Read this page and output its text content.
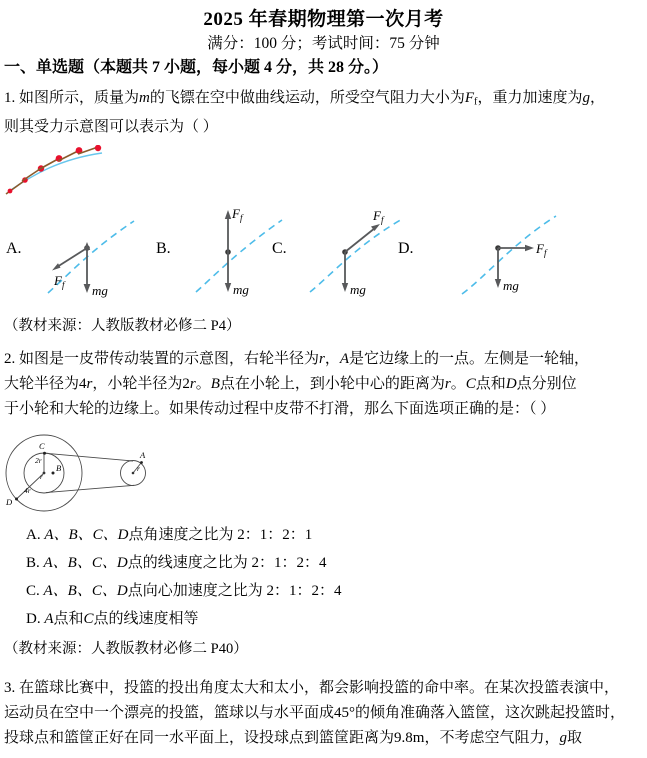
2025 年春期物理第一次月考
满分：100 分；考试时间：75 分钟
一、单选题（本题共 7 小题，每小题 4 分，共 28 分。）
1. 如图所示，质量为m的飞镖在空中做曲线运动，所受空气阻力大小为$F_f$，重力加速度为g，
则其受力示意图可以表示为（ ）
A.
mg
$F_f$
B.
$F_f$
mg
C.
$F_f$
mg
D.	$F_f$
mg
（教材来源：人教版教材必修二 P4）
2. 如图是一皮带传动装置的示意图，右轮半径为r，A是它边缘上的一点。左侧是一轮轴，
大轮半径为4r，小轮半径为2r。B点在小轮上，到小轮中心的距离为r。C点和D点分别位
于小轮和大轮的边缘上。如果传动过程中皮带不打滑，那么下面选项正确的是：（ ）
C
B
D
A
2r
r
4r
r
A. A、B、C、D点角速度之比为 2：1：2：1
B. A、B、C、D点的线速度之比为 2：1：2：4
C. A、B、C、D点向心加速度之比为 2：1：2：4
D. A点和C点的线速度相等
（教材来源：人教版教材必修二 P40）
3. 在篮球比赛中，投篮的投出角度太大和太小，都会影响投篮的命中率。在某次投篮表演中，
运动员在空中一个漂亮的投篮，篮球以与水平面成45°的倾角准确落入篮筐，这次跳起投篮时，
投球点和篮筐正好在同一水平面上，设投球点到篮筐距离为9.8m，不考虑空气阻力，g取
